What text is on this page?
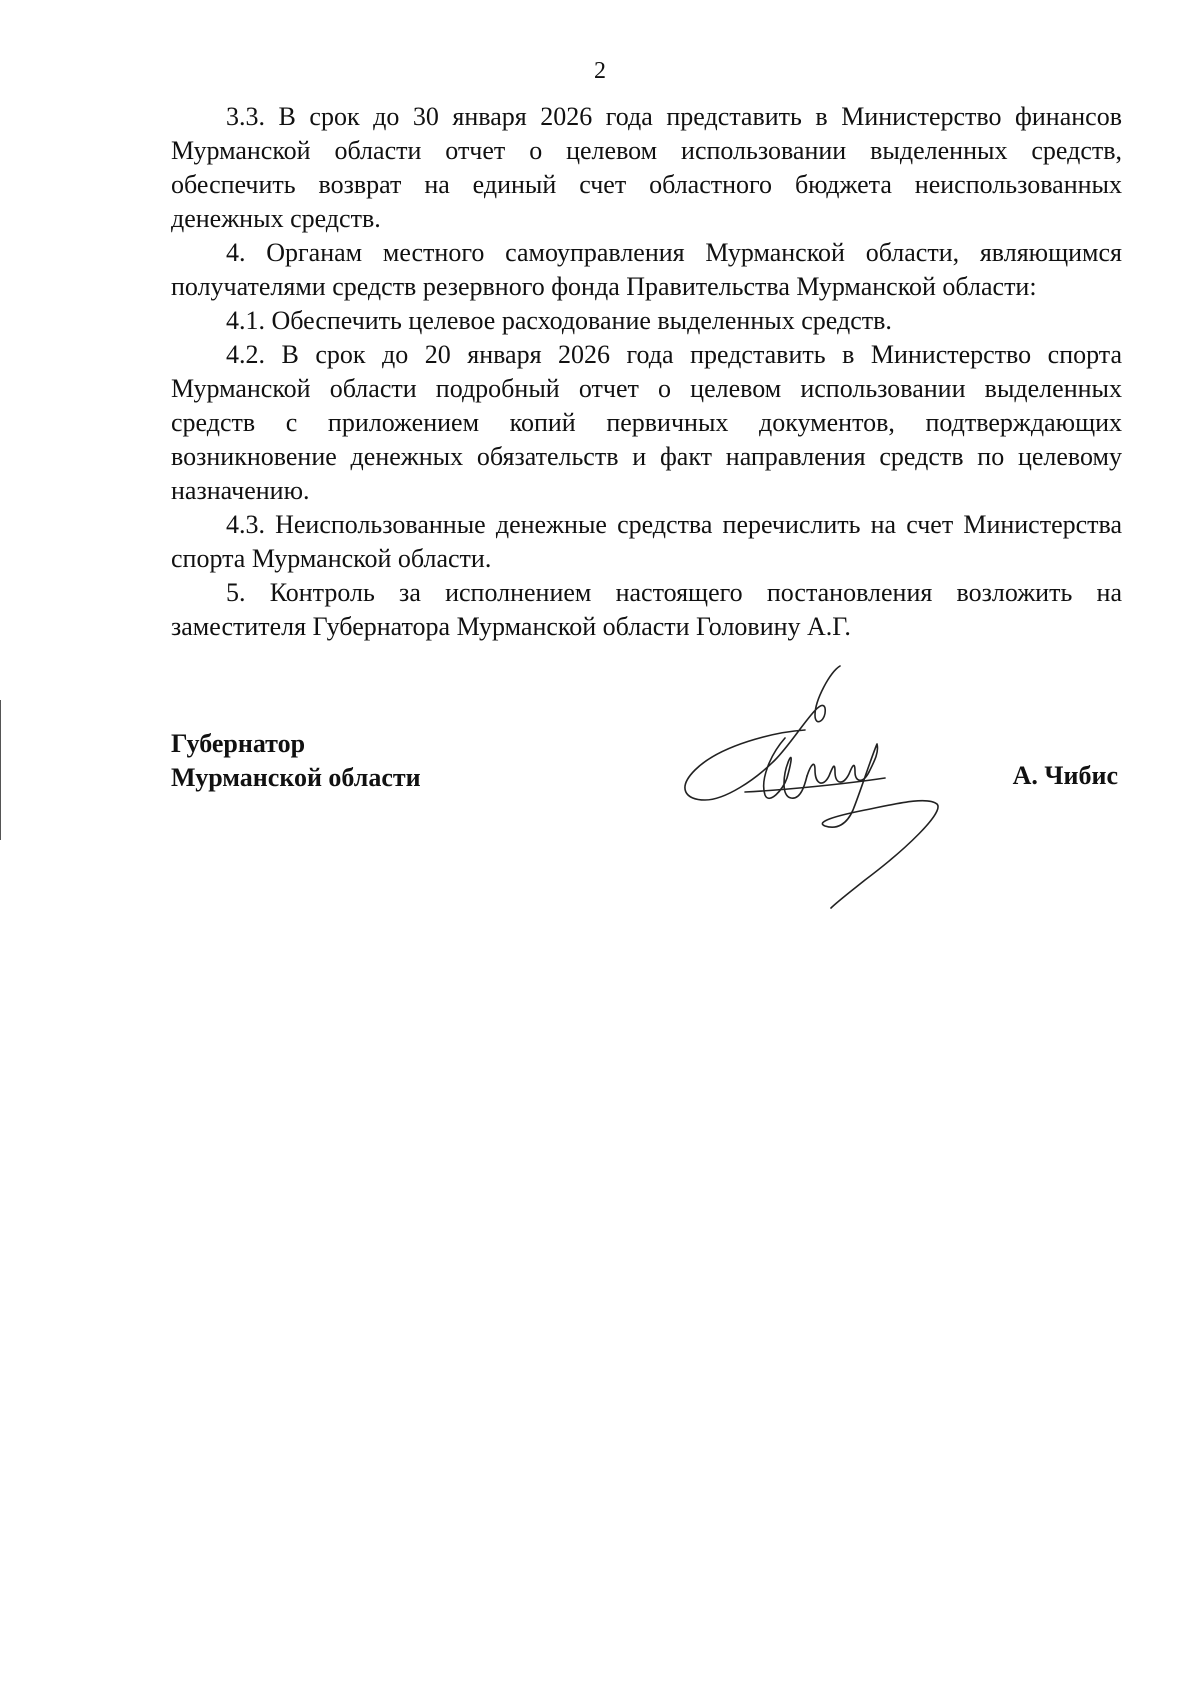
2

3.3. В срок до 30 января 2026 года представить в Министерство финансов Мурманской области отчет о целевом использовании выделенных средств, обеспечить возврат на единый счет областного бюджета неиспользованных денежных средств.

4. Органам местного самоуправления Мурманской области, являющимся получателями средств резервного фонда Правительства Мурманской области:

4.1. Обеспечить целевое расходование выделенных средств.

4.2. В срок до 20 января 2026 года представить в Министерство спорта Мурманской области подробный отчет о целевом использовании выделенных средств с приложением копий первичных документов, подтверждающих возникновение денежных обязательств и факт направления средств по целевому назначению.

4.3. Неиспользованные денежные средства перечислить на счет Министерства спорта Мурманской области.

5. Контроль за исполнением настоящего постановления возложить на заместителя Губернатора Мурманской области Головину А.Г.

Губернатор
Мурманской области	А. Чибис
